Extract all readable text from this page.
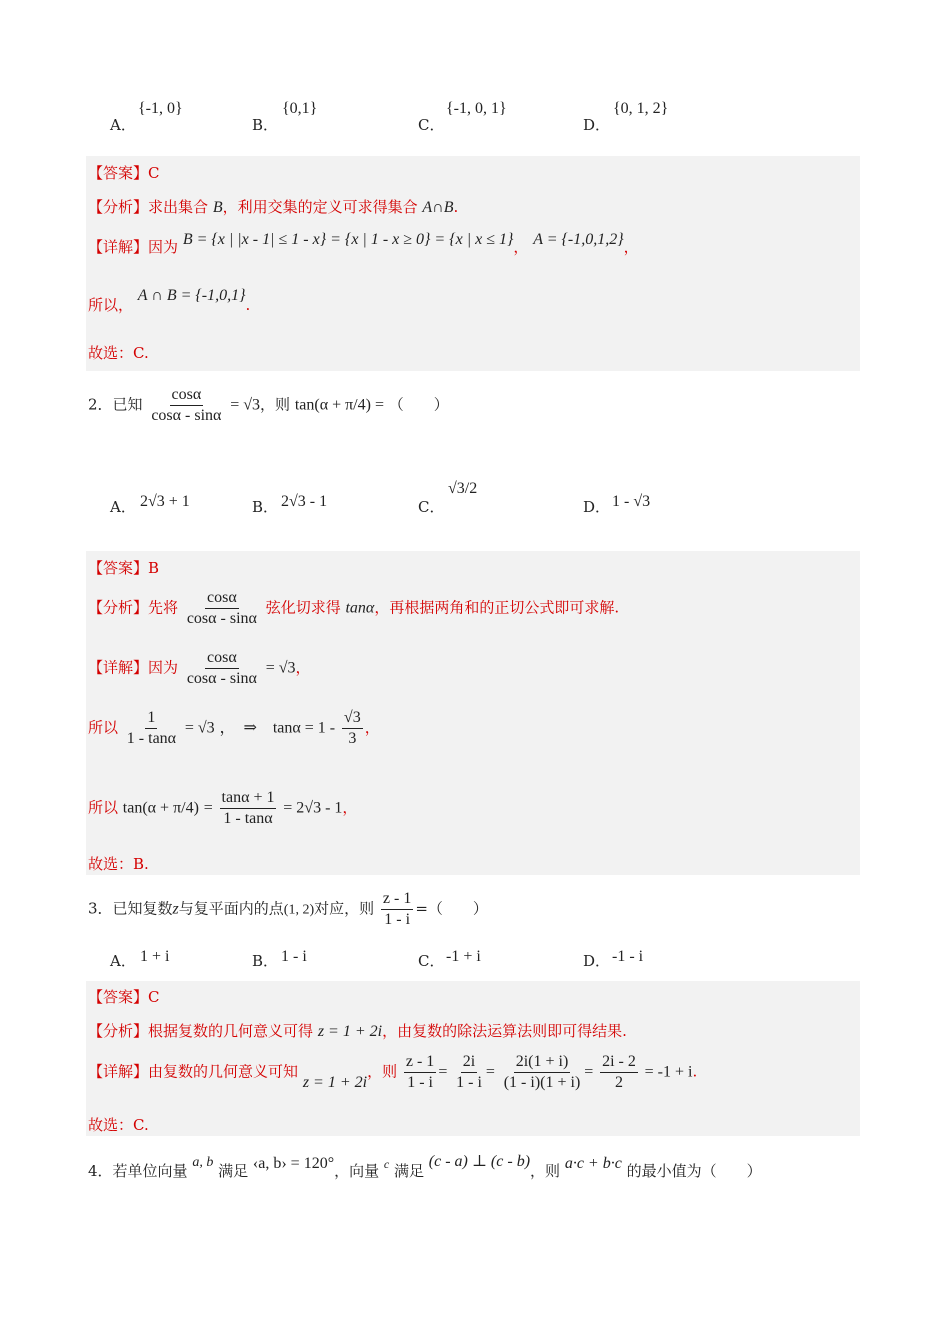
A．
{-1, 0}
B．
{0,1}
C．
{-1, 0, 1}
D．
{0, 1, 2}
【答案】C
【分析】求出集合 B，利用交集的定义可求得集合 A∩B.
【详解】因为 B = {x | |x - 1| ≤ 1 - x} = {x | 1 - x ≥ 0} = {x | x ≤ 1}， A = {-1,0,1,2}，
所以， A ∩ B = {-1,0,1}.
故选：C.
2．已知 $\frac{\cos\alpha}{\cos\alpha - \sin\alpha} = √3$，则 tan(α + π/4) = （　　）
A． 2√3 + 1	B． 2√3 - 1	C．
√3/2
D． 1 - √3
【答案】B
【分析】先将 $\frac{\cos\alpha}{\cos\alpha - \sin\alpha}$ 弦化切求得 tanα，再根据两角和的正切公式即可求解.
【详解】因为 $\frac{\cos\alpha}{\cos\alpha - \sin\alpha} = √3$，
所以 $\frac{1}{1 - \tan\alpha} = √3$ ，　⇒　$\tan\alpha = 1 - \frac{√3}{3}$ ，
所以 $\tan(\alpha + \pi/4) = \frac{\tan\alpha + 1}{1 - \tan\alpha} = 2√3 - 1$，
故选：B.
3．已知复数z与复平面内的点(1, 2)对应，则 $\frac{z - 1}{1 - i}$ =（　　）
A． 1 + i	B． 1 - i	C． -1 + i	D． -1 - i
【答案】C
【分析】根据复数的几何意义可得 z = 1 + 2i，由复数的除法运算法则即可得结果.
【详解】由复数的几何意义可知 z = 1 + 2i，则 $\frac{z - 1}{1 - i} = \frac{2i}{1 - i} = \frac{2i(1 + i)}{(1 - i)(1 + i)} = \frac{2i - 2}{2} = -1 + i$.
故选：C.
4．若单位向量 a, b 满足 ‹a, b› = 120°，向量 $^c$ 满足 (c - a) ⊥ (c - b)，则 a·c + b·c 的最小值为（　　）
